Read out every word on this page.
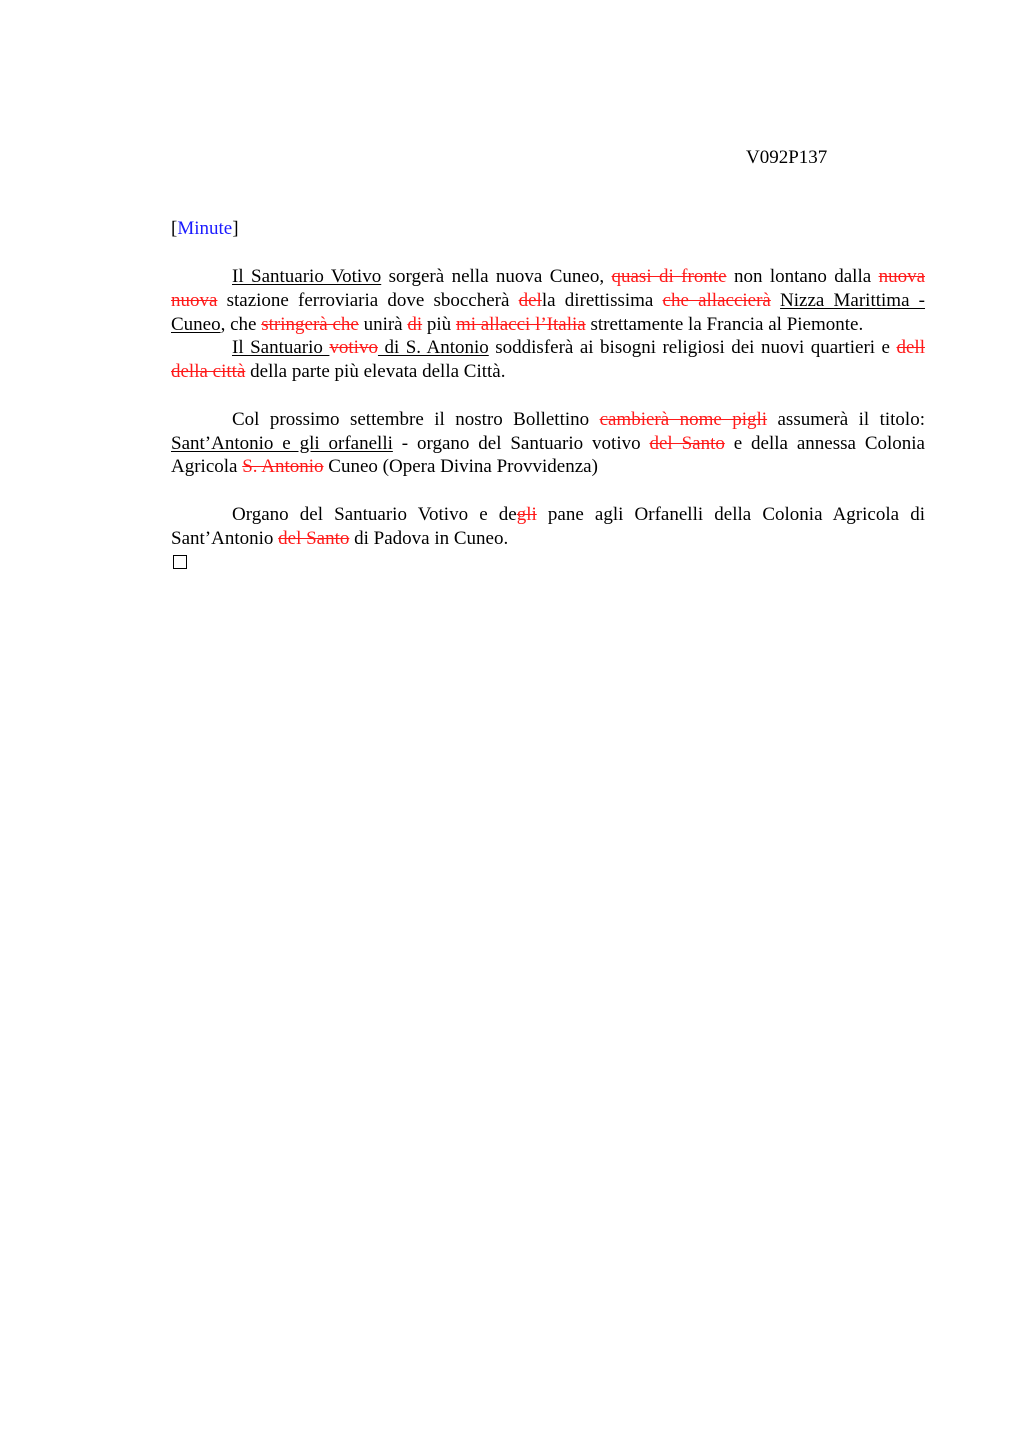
V092P137
[Minute]

Il Santuario Votivo sorgerà nella nuova Cuneo, quasi di fronte non lontano dalla nuova nuova stazione ferroviaria dove sboccherà della direttissima che allaccierà Nizza Marittima - Cuneo, che stringerà che unirà di più mi allacci l’Italia strettamente la Francia al Piemonte.

Il Santuario votivo di S. Antonio soddisferà ai bisogni religiosi dei nuovi quartieri e dell della città della parte più elevata della Città.

Col prossimo settembre il nostro Bollettino cambierà nome pigli assumerà il titolo: Sant’Antonio e gli orfanelli - organo del Santuario votivo del Santo e della annessa Colonia Agricola S. Antonio Cuneo (Opera Divina Provvidenza)

Organo del Santuario Votivo e degli pane agli Orfanelli della Colonia Agricola di Sant’Antonio del Santo di Padova in Cuneo.
